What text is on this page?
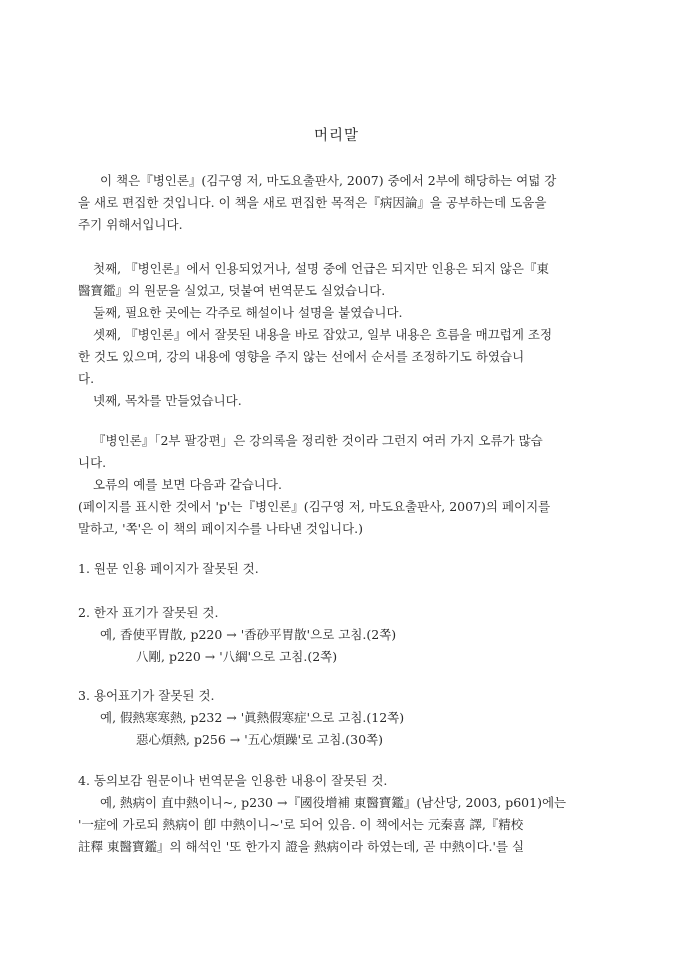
머리말
이 책은『병인론』(김구영 저, 마도요출판사, 2007) 중에서 2부에 해당하는 여덟 강
을 새로 편집한 것입니다. 이 책을 새로 편집한 목적은『病因論』을 공부하는데 도움을
주기 위해서입니다.
첫째, 『병인론』에서 인용되었거나, 설명 중에 언급은 되지만 인용은 되지 않은『東
醫寶鑑』의 원문을 실었고, 덧붙여 번역문도 실었습니다.
둘째, 필요한 곳에는 각주로 해설이나 설명을 붙였습니다.
셋째, 『병인론』에서 잘못된 내용을 바로 잡았고, 일부 내용은 흐름을 매끄럽게 조정
한 것도 있으며, 강의 내용에 영향을 주지 않는 선에서 순서를 조정하기도 하였습니
다.
넷째, 목차를 만들었습니다.
『병인론』「2부 팔강편」은 강의록을 정리한 것이라 그런지 여러 가지 오류가 많습
니다.
오류의 예를 보면 다음과 같습니다.
(페이지를 표시한 것에서 'p'는『병인론』(김구영 저, 마도요출판사, 2007)의 페이지를
말하고, '쪽'은 이 책의 페이지수를 나타낸 것입니다.)
1. 원문 인용 페이지가 잘못된 것.
2. 한자 표기가 잘못된 것.
예, 香使平胃散, p220 → '香砂平胃散'으로 고침.(2쪽)
八剛, p220 → '八綱'으로 고침.(2쪽)
3. 용어표기가 잘못된 것.
예, 假熱寒寒熱, p232 → '眞熱假寒症'으로 고침.(12쪽)
惡心煩熱, p256 → '五心煩躁'로 고침.(30쪽)
4. 동의보감 원문이나 번역문을 인용한 내용이 잘못된 것.
예, 熱病이 直中熱이니~, p230 →『國役增補 東醫寶鑑』(남산당, 2003, p601)에는
'一症에 가로되 熱病이 卽 中熱이니~'로 되어 있음. 이 책에서는 元秦喜 譯,『精校
註釋 東醫寶鑑』의 해석인 '또 한가지 證을 熱病이라 하였는데, 곧 中熱이다.'를 실
